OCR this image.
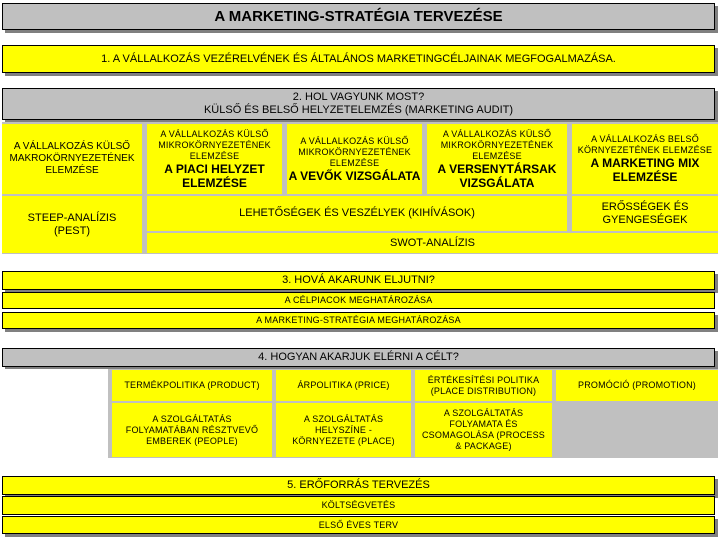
A MARKETING-STRATÉGIA TERVEZÉSE
1. A VÁLLALKOZÁS VEZÉRELVÉNEK ÉS ÁLTALÁNOS MARKETINGCÉLJAINAK MEGFOGALMAZÁSA.
2. HOL VAGYUNK MOST?
KÜLSŐ ÉS BELSŐ HELYZETELEMZÉS (MARKETING AUDIT)
A VÁLLALKOZÁS KÜLSŐ MAKROKÖRNYEZETÉNEK ELEMZÉSE
A VÁLLALKOZÁS KÜLSŐ MIKROKÖRNYEZETÉNEK ELEMZÉSE
A PIACI HELYZET ELEMZÉSE
A VÁLLALKOZÁS KÜLSŐ MIKROKÖRNYEZETÉNEK ELEMZÉSE
A VEVŐK VIZSGÁLATA
A VÁLLALKOZÁS KÜLSŐ MIKROKÖRNYEZETÉNEK ELEMZÉSE
A VERSENYTÁRSAK VIZSGÁLATA
A VÁLLALKOZÁS BELSŐ KÖRNYEZETÉNEK ELEMZÉSE
A MARKETING MIX ELEMZÉSE
STEEP-ANALÍZIS (PEST)
LEHETŐSÉGEK ÉS VESZÉLYEK (KIHÍVÁSOK)
ERŐSSÉGEK ÉS GYENGESÉGEK
SWOT-ANALÍZIS
3. HOVÁ AKARUNK ELJUTNI?
A CÉLPIACOK MEGHATÁROZÁSA
A MARKETING-STRATÉGIA MEGHATÁROZÁSA
4. HOGYAN AKARJUK ELÉRNI A CÉLT?
TERMÉKPOLITIKA (PRODUCT)	ÁRPOLITIKA (PRICE)
ÉRTÉKESÍTÉSI POLITIKA (PLACE DISTRIBUTION)
PROMÓCIÓ (PROMOTION)
A SZOLGÁLTATÁS FOLYAMATÁBAN RÉSZTVEVŐ EMBEREK (PEOPLE)
A SZOLGÁLTATÁS HELYSZÍNE - KÖRNYEZETE (PLACE)
A SZOLGÁLTATÁS FOLYAMATA ÉS CSOMAGOLÁSA (PROCESS & PACKAGE)
5. ERŐFORRÁS TERVEZÉS
KÖLTSÉGVETÉS
ELSŐ ÉVES TERV
